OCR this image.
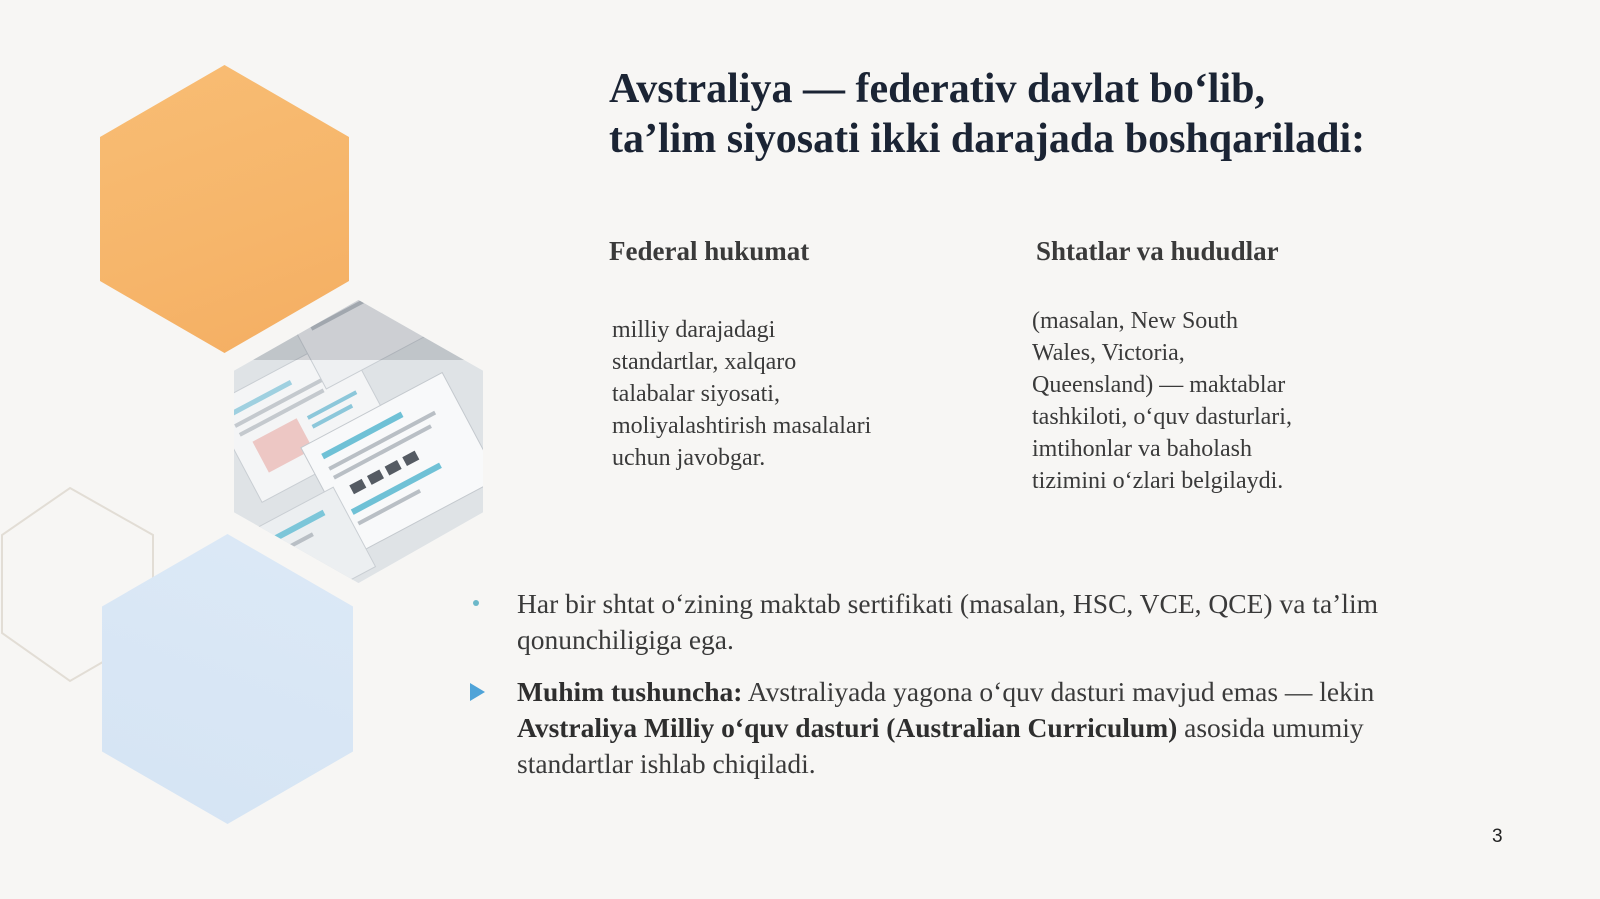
Avstraliya — federativ davlat bo‘lib,
ta’lim siyosati ikki darajada boshqariladi:
Federal hukumat

milliy darajadagi
standartlar, xalqaro
talabalar siyosati,
moliyalashtirish masalalari
uchun javobgar.

Shtatlar va hududlar

(masalan, New South
Wales, Victoria,
Queensland) — maktablar
tashkiloti, o‘quv dasturlari,
imtihonlar va baholash
tizimini o‘zlari belgilaydi.

Har bir shtat o‘zining maktab sertifikati (masalan, HSC, VCE, QCE) va ta’lim qonunchiligiga ega.
Muhim tushuncha: Avstraliyada yagona o‘quv dasturi mavjud emas — lekin Avstraliya Milliy o‘quv dasturi (Australian Curriculum) asosida umumiy standartlar ishlab chiqiladi.
3
